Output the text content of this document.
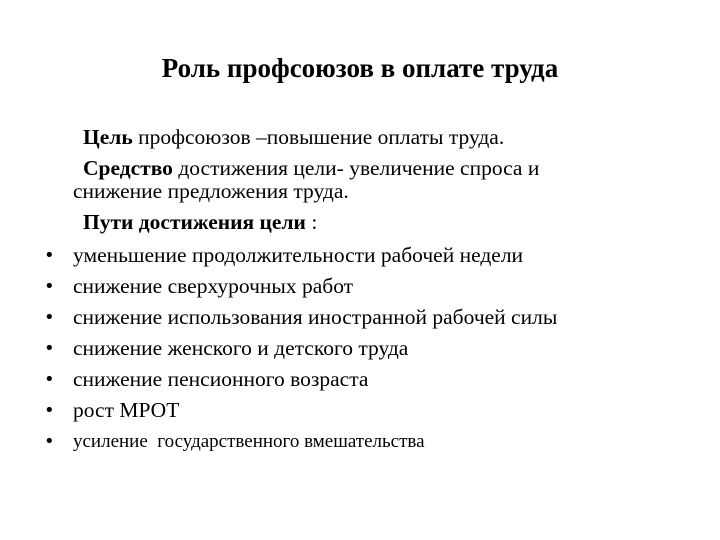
Роль профсоюзов в оплате труда

Цель профсоюзов –повышение оплаты труда.

Средство достижения цели- увеличение спроса и
снижение предложения труда.

Пути достижения цели :

• уменьшение продолжительности рабочей недели
• снижение сверхурочных работ
• снижение использования иностранной рабочей силы
• снижение женского и детского труда
• снижение пенсионного возраста
• рост МРОТ
• усиление  государственного вмешательства
